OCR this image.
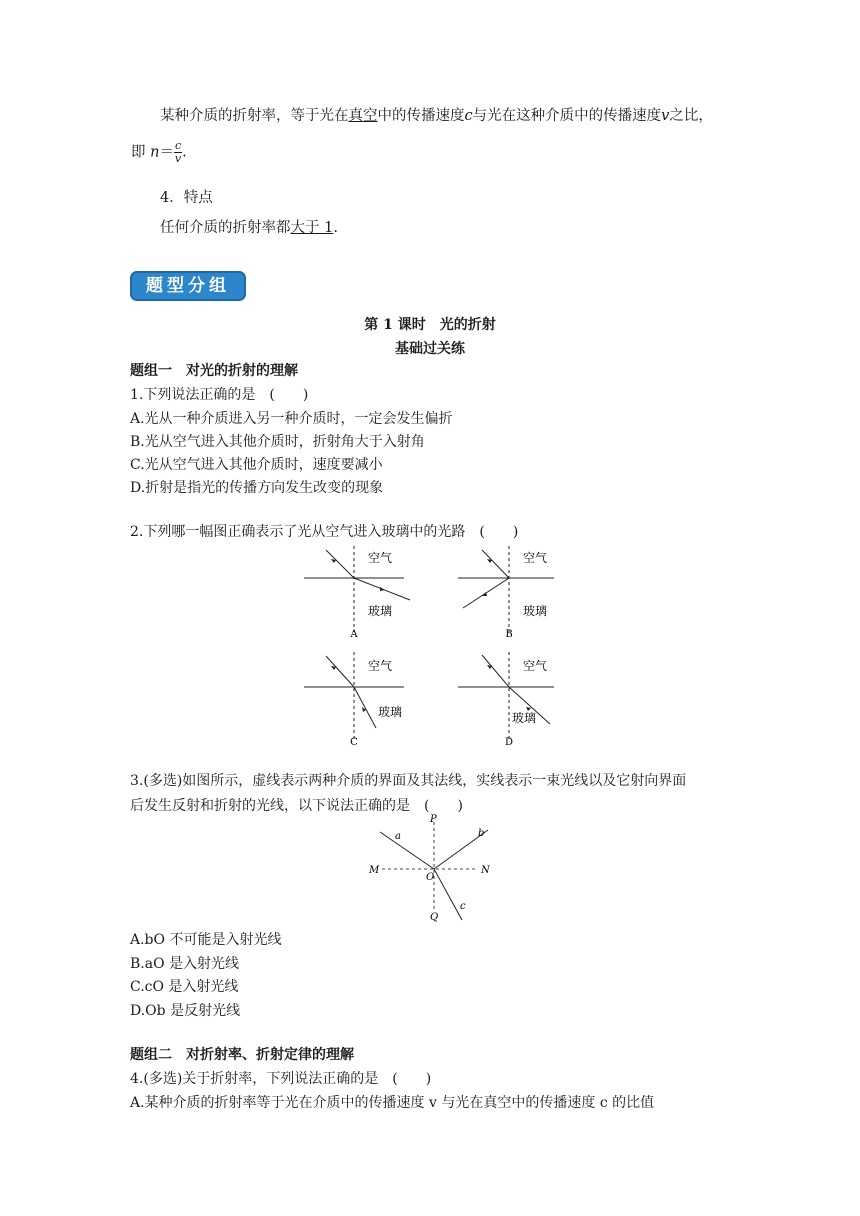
某种介质的折射率，等于光在真空中的传播速度c与光在这种介质中的传播速度v之比，
即 $n= \frac{c}{v}$ .
4．特点
任何介质的折射率都大于 1.
题型分组
第 1 课时　光的折射
基础过关练
题组一　对光的折射的理解
1.下列说法正确的是　(　　)
A.光从一种介质进入另一种介质时，一定会发生偏折
B.光从空气进入其他介质时，折射角大于入射角
C.光从空气进入其他介质时，速度要减小
D.折射是指光的传播方向发生改变的现象
2.下列哪一幅图正确表示了光从空气进入玻璃中的光路　(　　)
空气
玻璃
A
空气
玻璃
B
空气
玻璃
C
空气
玻璃
D
3.(多选)如图所示，虚线表示两种介质的界面及其法线，实线表示一束光线以及它射向界面
后发生反射和折射的光线，以下说法正确的是　(　　)
P
Q
M	N
O
a	b
c
A.bO 不可能是入射光线
B.aO 是入射光线
C.cO 是入射光线
D.Ob 是反射光线
题组二　对折射率、折射定律的理解
4.(多选)关于折射率，下列说法正确的是　(　　)
A.某种介质的折射率等于光在介质中的传播速度 v 与光在真空中的传播速度 c 的比值
